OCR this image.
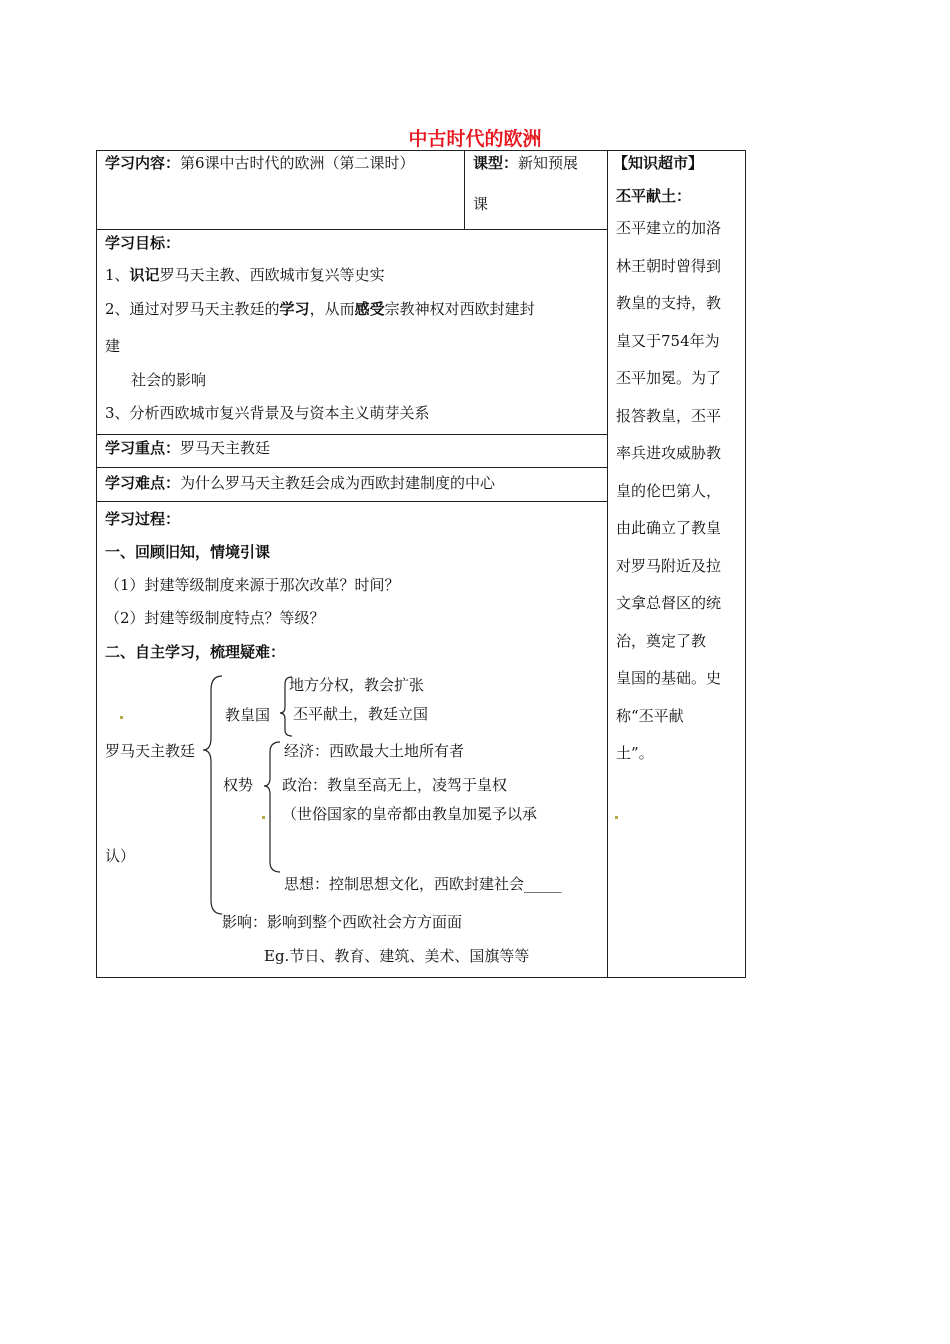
中古时代的欧洲
学习内容：第6课中古时代的欧洲（第二课时）	课型：新知预展
课
学习目标：
1、识记罗马天主教、西欧城市复兴等史实
2、通过对罗马天主教廷的学习，从而感受宗教神权对西欧封建封
建
社会的影响
3、分析西欧城市复兴背景及与资本主义萌芽关系
学习重点：罗马天主教廷
学习难点：为什么罗马天主教廷会成为西欧封建制度的中心
学习过程：
一、回顾旧知，情境引课
（1）封建等级制度来源于那次改革？时间？
（2）封建等级制度特点？等级？
二、自主学习，梳理疑难：
罗马天主教廷
教皇国
地方分权，教会扩张
丕平献土，教廷立国
权势
经济：西欧最大土地所有者
政治：教皇至高无上，凌驾于皇权
（世俗国家的皇帝都由教皇加冕予以承
认）
思想：控制思想文化，西欧封建社会_____
影响：影响到整个西欧社会方方面面
Eg.节日、教育、建筑、美术、国旗等等
【知识超市】
丕平献土：
丕平建立的加洛
林王朝时曾得到
教皇的支持，教
皇又于754年为
丕平加冕。为了
报答教皇，丕平
率兵进攻威胁教
皇的伦巴第人，
由此确立了教皇
对罗马附近及拉
文拿总督区的统
治，奠定了教
皇国的基础。史
称“丕平献
土”。
